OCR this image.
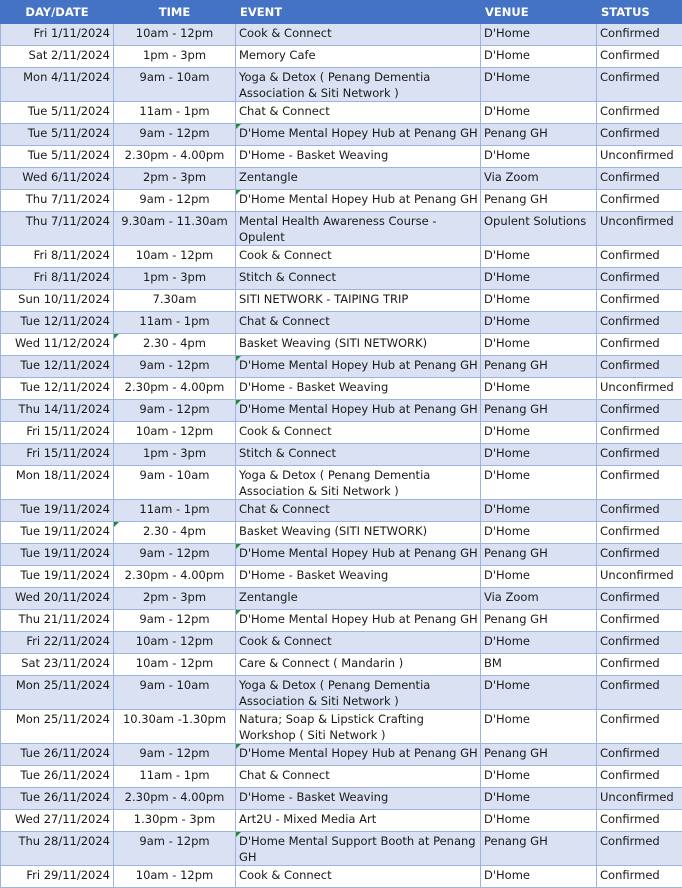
DAY/DATE	TIME	EVENT	VENUE	STATUS
Fri 1/11/2024	10am - 12pm	Cook & Connect	D'Home	Confirmed
Sat 2/11/2024	1pm - 3pm	Memory Cafe	D'Home	Confirmed
Mon 4/11/2024	9am - 10am	Yoga & Detox ( Penang Dementia Association & Siti Network )	D'Home	Confirmed
Tue 5/11/2024	11am - 1pm	Chat & Connect	D'Home	Confirmed
Tue 5/11/2024	9am - 12pm	D'Home Mental Hopey Hub at Penang GH	Penang GH	Confirmed
Tue 5/11/2024	2.30pm - 4.00pm	D'Home - Basket Weaving	D'Home	Unconfirmed
Wed 6/11/2024	2pm - 3pm	Zentangle	Via Zoom	Confirmed
Thu 7/11/2024	9am - 12pm	D'Home Mental Hopey Hub at Penang GH	Penang GH	Confirmed
Thu 7/11/2024	9.30am - 11.30am	Mental Health Awareness Course - Opulent	Opulent Solutions	Unconfirmed
Fri 8/11/2024	10am - 12pm	Cook & Connect	D'Home	Confirmed
Fri 8/11/2024	1pm - 3pm	Stitch & Connect	D'Home	Confirmed
Sun 10/11/2024	7.30am	SITI NETWORK - TAIPING TRIP	D'Home	Confirmed
Tue 12/11/2024	11am - 1pm	Chat & Connect	D'Home	Confirmed
Wed 11/12/2024	2.30 - 4pm	Basket Weaving (SITI NETWORK)	D'Home	Confirmed
Tue 12/11/2024	9am - 12pm	D'Home Mental Hopey Hub at Penang GH	Penang GH	Confirmed
Tue 12/11/2024	2.30pm - 4.00pm	D'Home - Basket Weaving	D'Home	Unconfirmed
Thu 14/11/2024	9am - 12pm	D'Home Mental Hopey Hub at Penang GH	Penang GH	Confirmed
Fri 15/11/2024	10am - 12pm	Cook & Connect	D'Home	Confirmed
Fri 15/11/2024	1pm - 3pm	Stitch & Connect	D'Home	Confirmed
Mon 18/11/2024	9am - 10am	Yoga & Detox ( Penang Dementia Association & Siti Network )	D'Home	Confirmed
Tue 19/11/2024	11am - 1pm	Chat & Connect	D'Home	Confirmed
Tue 19/11/2024	2.30 - 4pm	Basket Weaving (SITI NETWORK)	D'Home	Confirmed
Tue 19/11/2024	9am - 12pm	D'Home Mental Hopey Hub at Penang GH	Penang GH	Confirmed
Tue 19/11/2024	2.30pm - 4.00pm	D'Home - Basket Weaving	D'Home	Unconfirmed
Wed 20/11/2024	2pm - 3pm	Zentangle	Via Zoom	Confirmed
Thu 21/11/2024	9am - 12pm	D'Home Mental Hopey Hub at Penang GH	Penang GH	Confirmed
Fri 22/11/2024	10am - 12pm	Cook & Connect	D'Home	Confirmed
Sat 23/11/2024	10am - 12pm	Care & Connect ( Mandarin )	BM	Confirmed
Mon 25/11/2024	9am - 10am	Yoga & Detox ( Penang Dementia Association & Siti Network )	D'Home	Confirmed
Mon 25/11/2024	10.30am -1.30pm	Natura; Soap & Lipstick Crafting Workshop ( Siti Network )	D'Home	Confirmed
Tue 26/11/2024	9am - 12pm	D'Home Mental Hopey Hub at Penang GH	Penang GH	Confirmed
Tue 26/11/2024	11am - 1pm	Chat & Connect	D'Home	Confirmed
Tue 26/11/2024	2.30pm - 4.00pm	D'Home - Basket Weaving	D'Home	Unconfirmed
Wed 27/11/2024	1.30pm - 3pm	Art2U - Mixed Media Art	D'Home	Confirmed
Thu 28/11/2024	9am - 12pm	D'Home Mental Support Booth at Penang GH	Penang GH	Confirmed
Fri 29/11/2024	10am - 12pm	Cook & Connect	D'Home	Confirmed
